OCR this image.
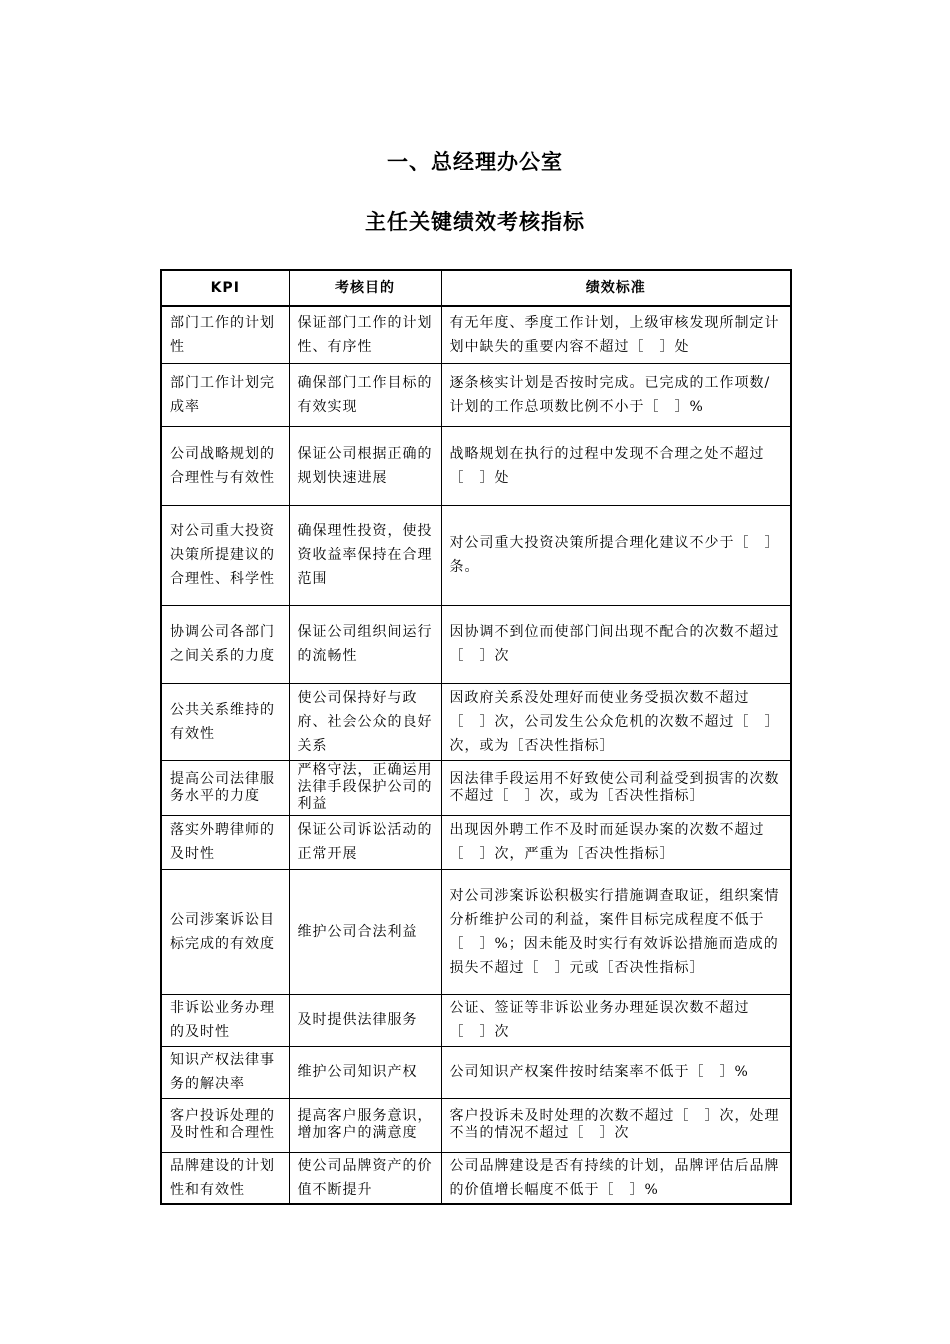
一、总经理办公室
主任关键绩效考核指标
KPI	考核目的	绩效标准
部门工作的计划性	保证部门工作的计划性、有序性	有无年度、季度工作计划，上级审核发现所制定计划中缺失的重要内容不超过［　］处
部门工作计划完成率	确保部门工作目标的有效实现	逐条核实计划是否按时完成。已完成的工作项数/计划的工作总项数比例不小于［　］%
公司战略规划的合理性与有效性	保证公司根据正确的规划快速进展	战略规划在执行的过程中发现不合理之处不超过［　］处
对公司重大投资决策所提建议的合理性、科学性	确保理性投资，使投资收益率保持在合理范围	对公司重大投资决策所提合理化建议不少于［　］条。
协调公司各部门之间关系的力度	保证公司组织间运行的流畅性	因协调不到位而使部门间出现不配合的次数不超过［　］次
公共关系维持的有效性	使公司保持好与政府、社会公众的良好关系	因政府关系没处理好而使业务受损次数不超过［　］次，公司发生公众危机的次数不超过［　］次，或为［否决性指标］
提高公司法律服务水平的力度	严格守法，正确运用法律手段保护公司的利益	因法律手段运用不好致使公司利益受到损害的次数不超过［　］次，或为［否决性指标］
落实外聘律师的及时性	保证公司诉讼活动的正常开展	出现因外聘工作不及时而延误办案的次数不超过［　］次，严重为［否决性指标］
公司涉案诉讼目标完成的有效度	维护公司合法利益	对公司涉案诉讼积极实行措施调查取证，组织案情分析维护公司的利益，案件目标完成程度不低于［　］%；因未能及时实行有效诉讼措施而造成的损失不超过［　］元或［否决性指标］
非诉讼业务办理的及时性	及时提供法律服务	公证、签证等非诉讼业务办理延误次数不超过［　］次
知识产权法律事务的解决率	维护公司知识产权	公司知识产权案件按时结案率不低于［　］%
客户投诉处理的及时性和合理性	提高客户服务意识，增加客户的满意度	客户投诉未及时处理的次数不超过［　］次，处理不当的情况不超过［　］次
品牌建设的计划性和有效性	使公司品牌资产的价值不断提升	公司品牌建设是否有持续的计划，品牌评估后品牌的价值增长幅度不低于［　］%
